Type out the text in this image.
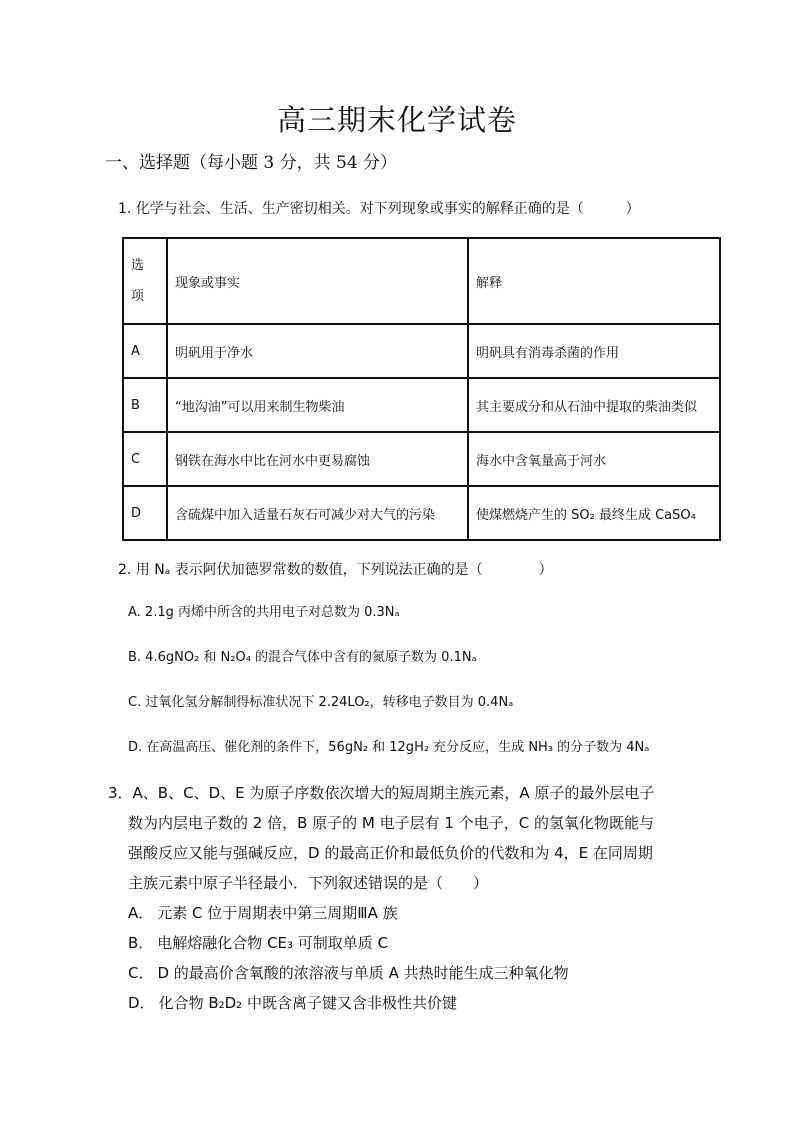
高三期末化学试卷
一、选择题（每小题 3 分，共 54 分）
1. 化学与社会、生活、生产密切相关。对下列现象或事实的解释正确的是（　　　）
选项	现象或事实	解释
A	明矾用于净水	明矾具有消毒杀菌的作用
B	“地沟油”可以用来制生物柴油	其主要成分和从石油中提取的柴油类似
C	钢铁在海水中比在河水中更易腐蚀	海水中含氧量高于河水
D	含硫煤中加入适量石灰石可减少对大气的污染	使煤燃烧产生的 SO₂ 最终生成 CaSO₄
2. 用 Nₐ 表示阿伏加德罗常数的数值，下列说法正确的是（　　　　）
A. 2.1g 丙烯中所含的共用电子对总数为 0.3Nₐ
B. 4.6gNO₂ 和 N₂O₄ 的混合气体中含有的氮原子数为 0.1Nₐ
C. 过氧化氢分解制得标准状况下 2.24LO₂，转移电子数目为 0.4Nₐ
D. 在高温高压、催化剂的条件下，56gN₂ 和 12gH₂ 充分反应，生成 NH₃ 的分子数为 4Nₐ
3．A、B、C、D、E 为原子序数依次增大的短周期主族元素，A 原子的最外层电子
数为内层电子数的 2 倍，B 原子的 M 电子层有 1 个电子，C 的氢氧化物既能与
强酸反应又能与强碱反应，D 的最高正价和最低负价的代数和为 4，E 在同周期
主族元素中原子半径最小．下列叙述错误的是（　　）
A． 元素 C 位于周期表中第三周期ⅢA 族
B． 电解熔融化合物 CE₃ 可制取单质 C
C． D 的最高价含氧酸的浓溶液与单质 A 共热时能生成三种氧化物
D． 化合物 B₂D₂ 中既含离子键又含非极性共价键
